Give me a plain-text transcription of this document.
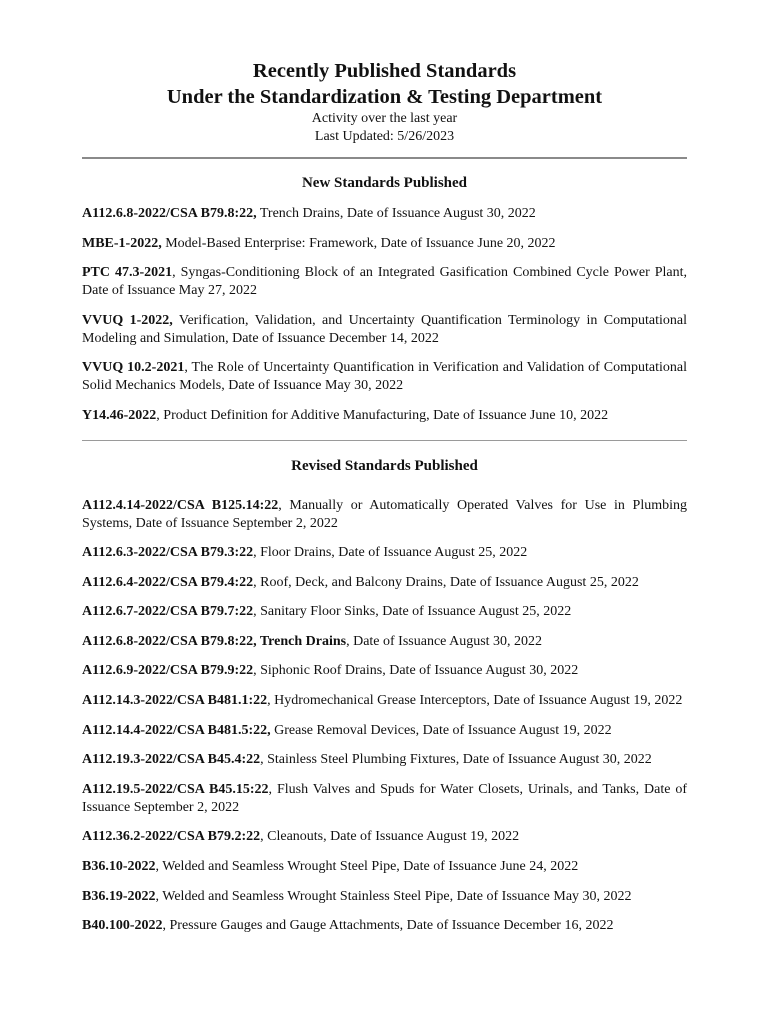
Recently Published Standards
Under the Standardization & Testing Department

Activity over the last year

Last Updated: 5/26/2023

New Standards Published

A112.6.8-2022/CSA B79.8:22, Trench Drains, Date of Issuance August 30, 2022

MBE-1-2022, Model-Based Enterprise: Framework, Date of Issuance June 20, 2022

PTC 47.3-2021, Syngas-Conditioning Block of an Integrated Gasification Combined Cycle Power Plant, Date of Issuance May 27, 2022

VVUQ 1-2022, Verification, Validation, and Uncertainty Quantification Terminology in Computational Modeling and Simulation, Date of Issuance December 14, 2022

VVUQ 10.2-2021, The Role of Uncertainty Quantification in Verification and Validation of Computational Solid Mechanics Models, Date of Issuance May 30, 2022

Y14.46-2022, Product Definition for Additive Manufacturing, Date of Issuance June 10, 2022

Revised Standards Published

A112.4.14-2022/CSA B125.14:22, Manually or Automatically Operated Valves for Use in Plumbing Systems, Date of Issuance September 2, 2022

A112.6.3-2022/CSA B79.3:22, Floor Drains, Date of Issuance August 25, 2022

A112.6.4-2022/CSA B79.4:22, Roof, Deck, and Balcony Drains, Date of Issuance August 25, 2022

A112.6.7-2022/CSA B79.7:22, Sanitary Floor Sinks, Date of Issuance August 25, 2022

A112.6.8-2022/CSA B79.8:22, Trench Drains, Date of Issuance August 30, 2022

A112.6.9-2022/CSA B79.9:22, Siphonic Roof Drains, Date of Issuance August 30, 2022

A112.14.3-2022/CSA B481.1:22, Hydromechanical Grease Interceptors, Date of Issuance August 19, 2022

A112.14.4-2022/CSA B481.5:22, Grease Removal Devices, Date of Issuance August 19, 2022

A112.19.3-2022/CSA B45.4:22, Stainless Steel Plumbing Fixtures, Date of Issuance August 30, 2022

A112.19.5-2022/CSA B45.15:22, Flush Valves and Spuds for Water Closets, Urinals, and Tanks, Date of Issuance September 2, 2022

A112.36.2-2022/CSA B79.2:22, Cleanouts, Date of Issuance August 19, 2022

B36.10-2022, Welded and Seamless Wrought Steel Pipe, Date of Issuance June 24, 2022

B36.19-2022, Welded and Seamless Wrought Stainless Steel Pipe, Date of Issuance May 30, 2022

B40.100-2022, Pressure Gauges and Gauge Attachments, Date of Issuance December 16, 2022
